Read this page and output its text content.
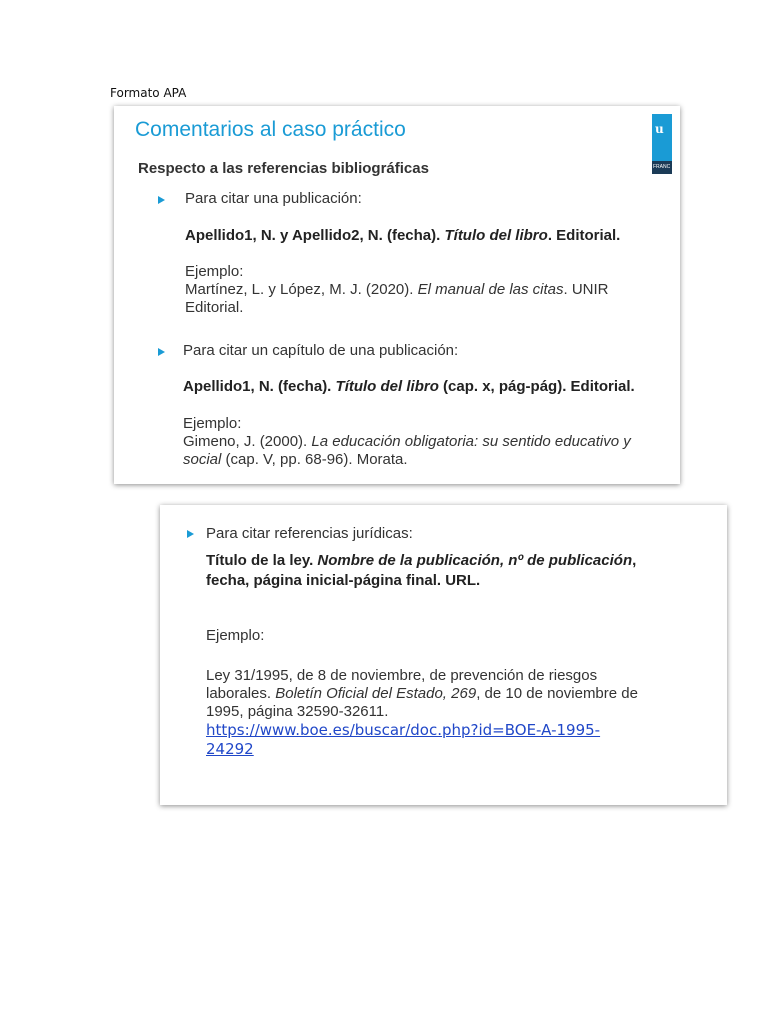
Formato APA
Comentarios al caso práctico	u
FRANC
Respecto a las referencias bibliográficas
Para citar una publicación:
Apellido1, N. y Apellido2, N. (fecha). Título del libro. Editorial.
Ejemplo:
Martínez, L. y López, M. J. (2020). El manual de las citas. UNIR
Editorial.
Para citar un capítulo de una publicación:
Apellido1, N. (fecha). Título del libro (cap. x, pág-pág). Editorial.
Ejemplo:
Gimeno, J. (2000). La educación obligatoria: su sentido educativo y
social (cap. V, pp. 68-96). Morata.
Para citar referencias jurídicas:
Título de la ley. Nombre de la publicación, nº de publicación,
fecha, página inicial-página final. URL.
Ejemplo:
Ley 31/1995, de 8 de noviembre, de prevención de riesgos
laborales. Boletín Oficial del Estado, 269, de 10 de noviembre de
1995, página 32590-32611.
https://www.boe.es/buscar/doc.php?id=BOE-A-1995-
24292
